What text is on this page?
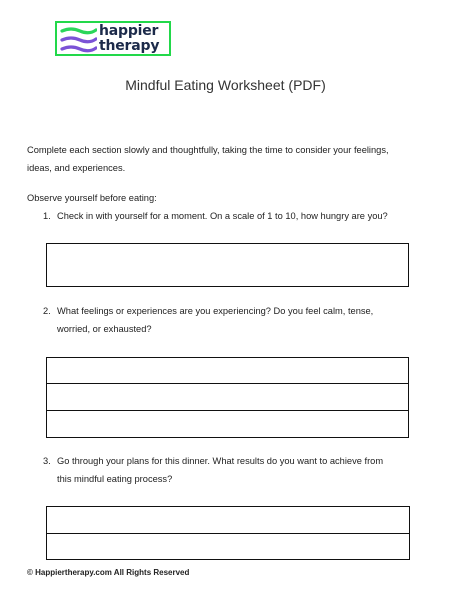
happier
therapy
Mindful Eating Worksheet (PDF)
Complete each section slowly and thoughtfully, taking the time to consider your feelings,
ideas, and experiences.
Observe yourself before eating:
1. Check in with yourself for a moment. On a scale of 1 to 10, how hungry are you?
2. What feelings or experiences are you experiencing? Do you feel calm, tense,
worried, or exhausted?
3. Go through your plans for this dinner. What results do you want to achieve from
this mindful eating process?
© Happiertherapy.com All Rights Reserved
